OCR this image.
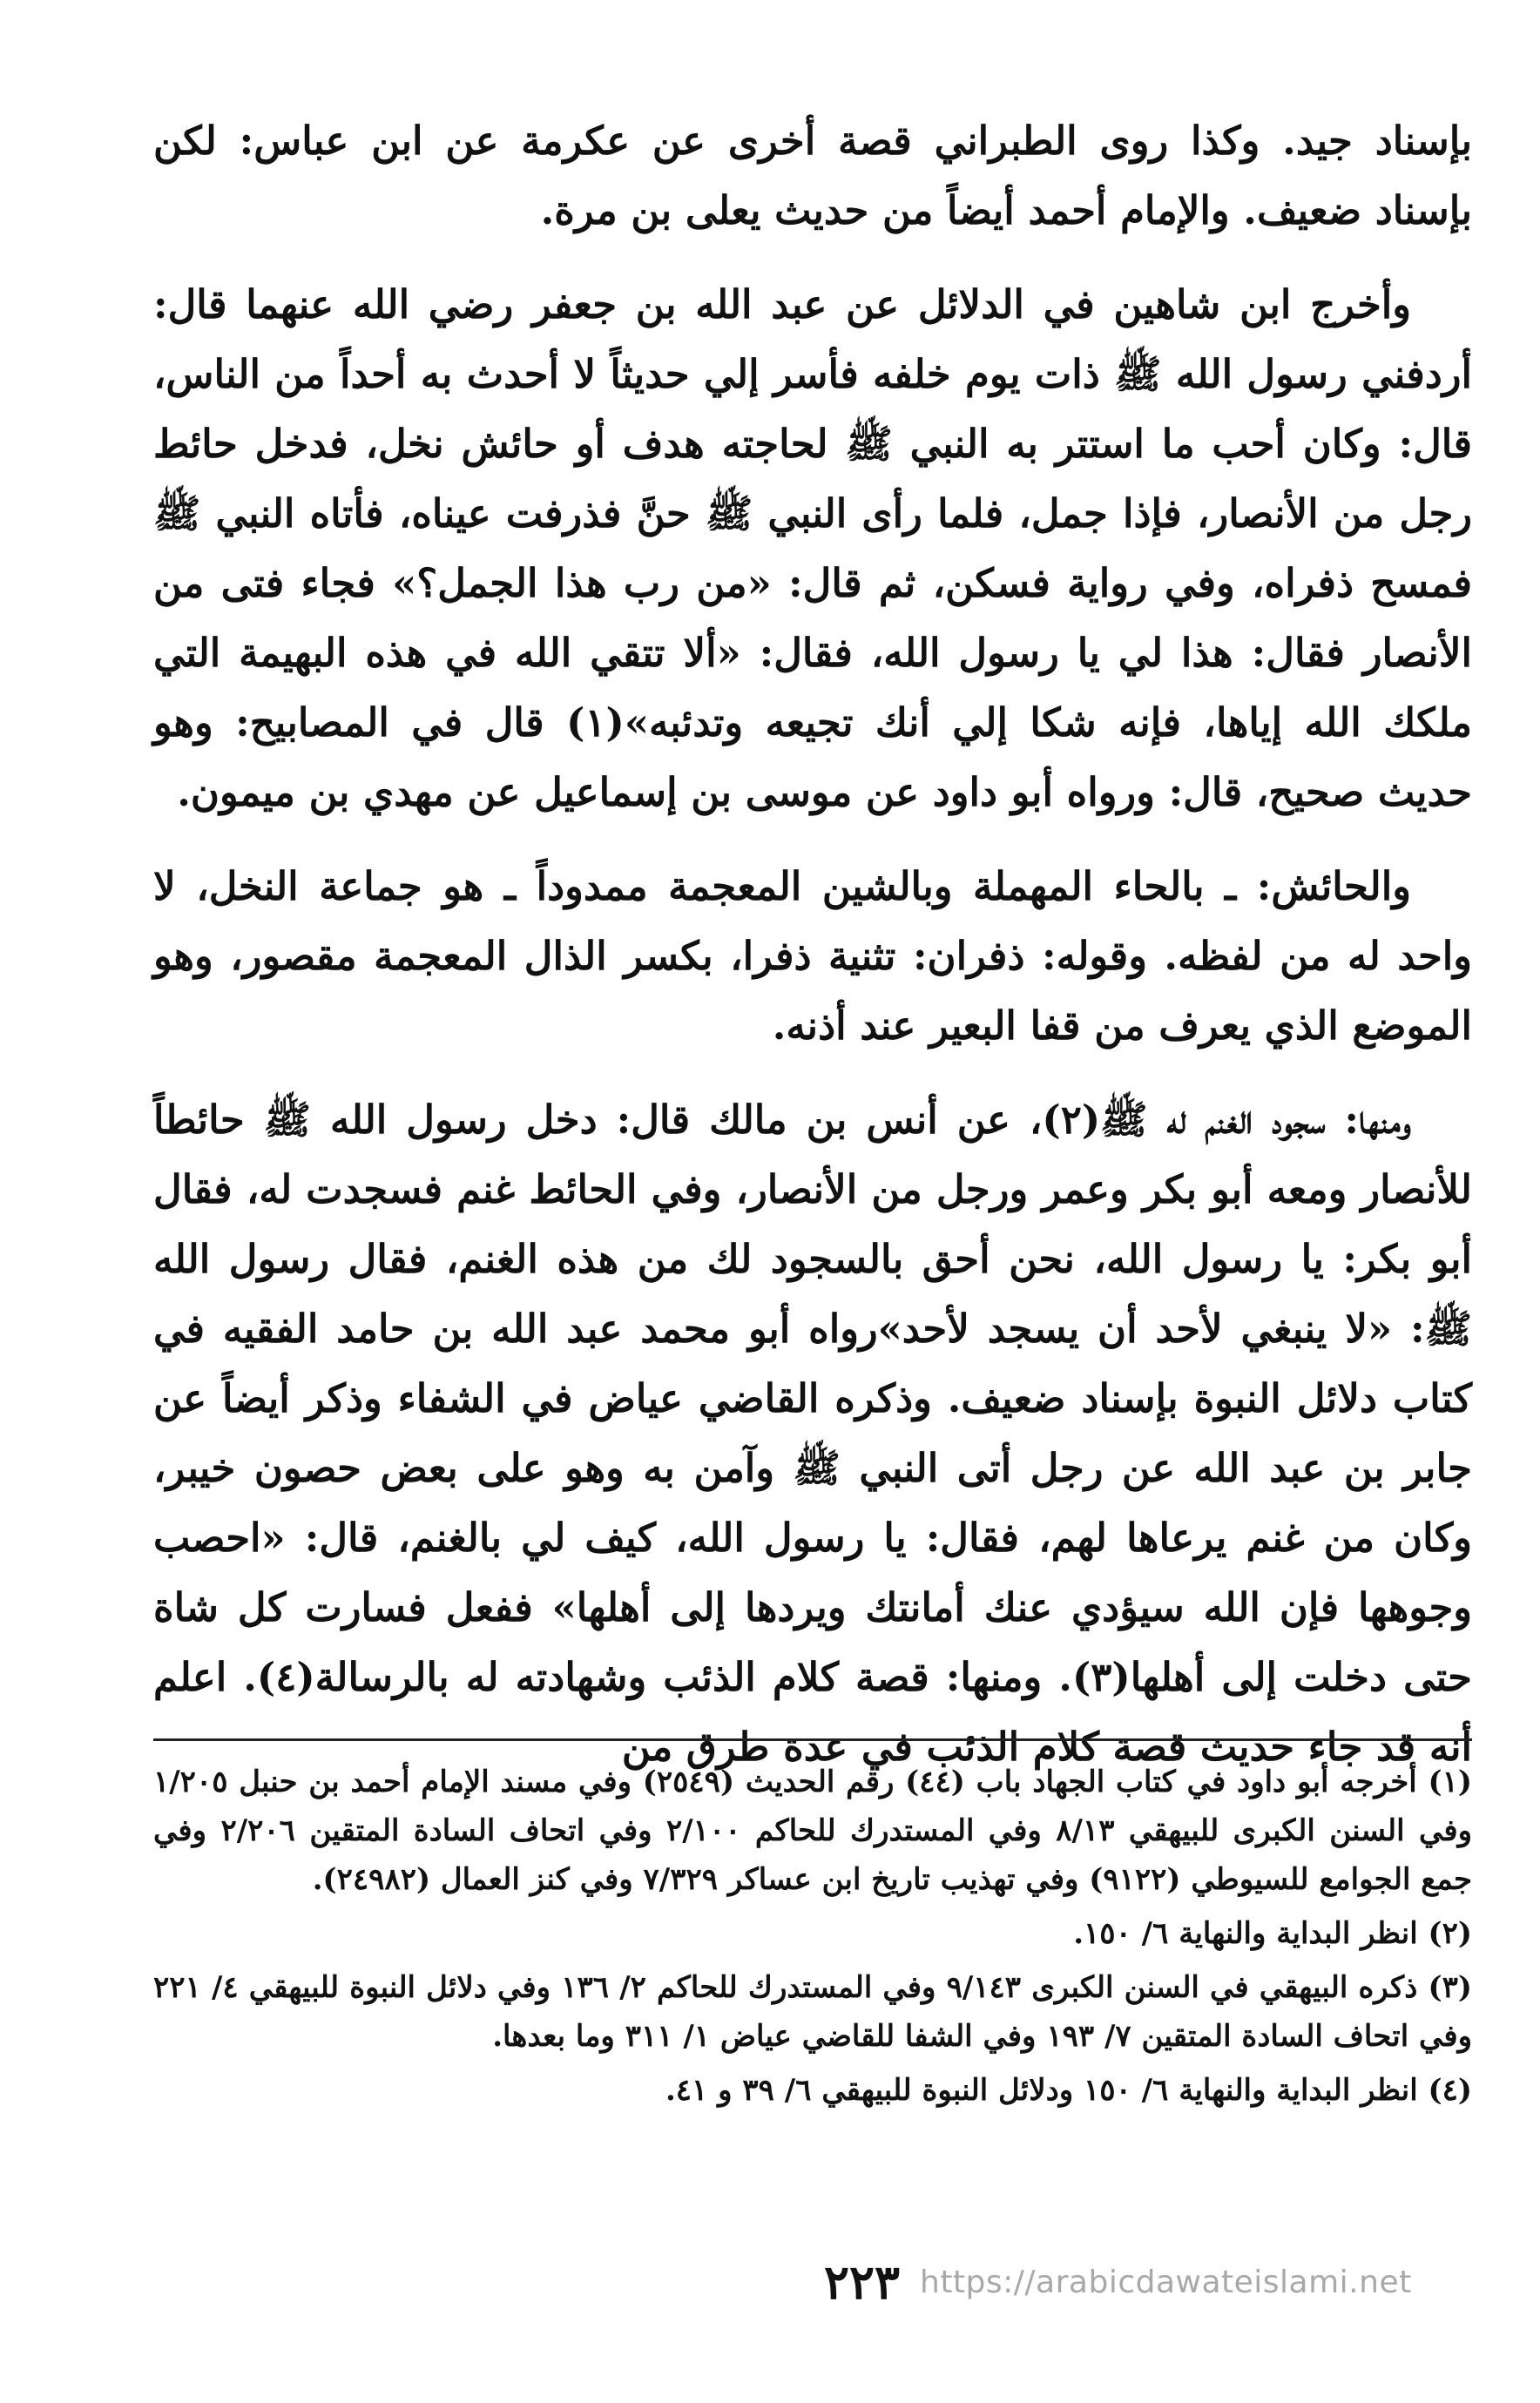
بإسناد جيد. وكذا روى الطبراني قصة أخرى عن عكرمة عن ابن عباس: لكن بإسناد ضعيف. والإمام أحمد أيضاً من حديث يعلى بن مرة.

وأخرج ابن شاهين في الدلائل عن عبد الله بن جعفر رضي الله عنهما قال: أردفني رسول الله ﷺ ذات يوم خلفه فأسر إلي حديثاً لا أحدث به أحداً من الناس، قال: وكان أحب ما استتر به النبي ﷺ لحاجته هدف أو حائش نخل، فدخل حائط رجل من الأنصار، فإذا جمل، فلما رأى النبي ﷺ حنَّ فذرفت عيناه، فأتاه النبي ﷺ فمسح ذفراه، وفي رواية فسكن، ثم قال: «من رب هذا الجمل؟» فجاء فتى من الأنصار فقال: هذا لي يا رسول الله، فقال: «ألا تتقي الله في هذه البهيمة التي ملكك الله إياها، فإنه شكا إلي أنك تجيعه وتدئبه»(١) قال في المصابيح: وهو حديث صحيح، قال: ورواه أبو داود عن موسى بن إسماعيل عن مهدي بن ميمون.

والحائش: ـ بالحاء المهملة وبالشين المعجمة ممدوداً ـ هو جماعة النخل، لا واحد له من لفظه. وقوله: ذفران: تثنية ذفرا، بكسر الذال المعجمة مقصور، وهو الموضع الذي يعرف من قفا البعير عند أذنه.

ومنها: سجود الغنم له ﷺ(٢)، عن أنس بن مالك قال: دخل رسول الله ﷺ حائطاً للأنصار ومعه أبو بكر وعمر ورجل من الأنصار، وفي الحائط غنم فسجدت له، فقال أبو بكر: يا رسول الله، نحن أحق بالسجود لك من هذه الغنم، فقال رسول الله ﷺ: «لا ينبغي لأحد أن يسجد لأحد»رواه أبو محمد عبد الله بن حامد الفقيه في كتاب دلائل النبوة بإسناد ضعيف. وذكره القاضي عياض في الشفاء وذكر أيضاً عن جابر بن عبد الله عن رجل أتى النبي ﷺ وآمن به وهو على بعض حصون خيبر، وكان من غنم يرعاها لهم، فقال: يا رسول الله، كيف لي بالغنم، قال: «احصب وجوهها فإن الله سيؤدي عنك أمانتك ويردها إلى أهلها» ففعل فسارت كل شاة حتى دخلت إلى أهلها(٣). ومنها: قصة كلام الذئب وشهادته له بالرسالة(٤). اعلم أنه قد جاء حديث قصة كلام الذئب في عدة طرق من

(١) أخرجه أبو داود في كتاب الجهاد باب (٤٤) رقم الحديث (٢٥٤٩) وفي مسند الإمام أحمد بن حنبل ١/٢٠٥ وفي السنن الكبرى للبيهقي ٨/١٣ وفي المستدرك للحاكم ٢/١٠٠ وفي اتحاف السادة المتقين ٢/٢٠٦ وفي جمع الجوامع للسيوطي (٩١٢٢) وفي تهذيب تاريخ ابن عساكر ٧/٣٢٩ وفي كنز العمال (٢٤٩٨٢).

(٢) انظر البداية والنهاية ٦/ ١٥٠.

(٣) ذكره البيهقي في السنن الكبرى ٩/١٤٣ وفي المستدرك للحاكم ٢/ ١٣٦ وفي دلائل النبوة للبيهقي ٤/ ٢٢١ وفي اتحاف السادة المتقين ٧/ ١٩٣ وفي الشفا للقاضي عياض ١/ ٣١١ وما بعدها.

(٤) انظر البداية والنهاية ٦/ ١٥٠ ودلائل النبوة للبيهقي ٦/ ٣٩ و ٤١.

٢٢٣ https://arabicdawateislami.net
